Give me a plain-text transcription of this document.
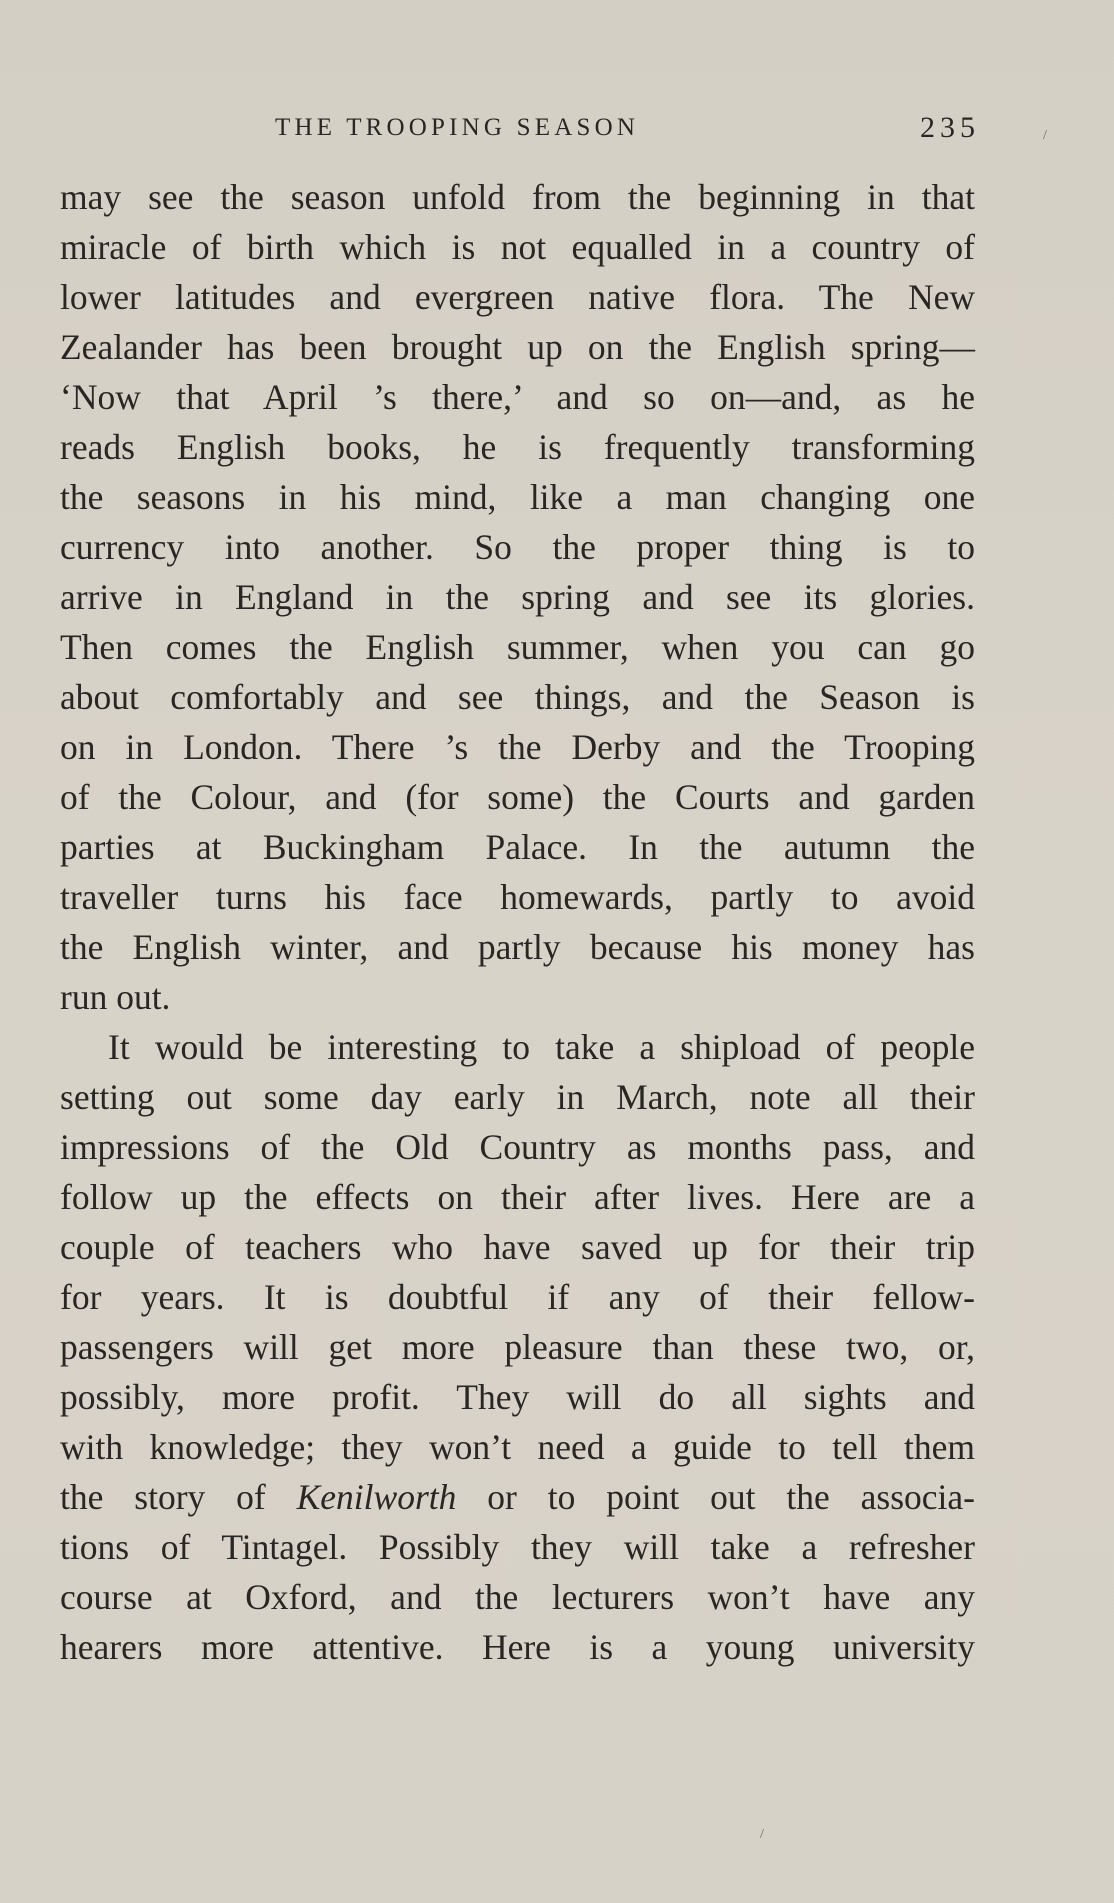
THE TROOPING SEASON	235	/
/
may see the season unfold from the beginning in that
miracle of birth which is not equalled in a country of
lower latitudes and evergreen native flora. The New
Zealander has been brought up on the English spring—
‘Now that April ’s there,’ and so on—and, as he
reads English books, he is frequently transforming
the seasons in his mind, like a man changing one
currency into another. So the proper thing is to
arrive in England in the spring and see its glories.
Then comes the English summer, when you can go
about comfortably and see things, and the Season is
on in London. There ’s the Derby and the Trooping
of the Colour, and (for some) the Courts and garden
parties at Buckingham Palace. In the autumn the
traveller turns his face homewards, partly to avoid
the English winter, and partly because his money has
run out.
It would be interesting to take a shipload of people
setting out some day early in March, note all their
impressions of the Old Country as months pass, and
follow up the effects on their after lives. Here are a
couple of teachers who have saved up for their trip
for years. It is doubtful if any of their fellow-
passengers will get more pleasure than these two, or,
possibly, more profit. They will do all sights and
with knowledge; they won’t need a guide to tell them
the story of Kenilworth or to point out the associa-
tions of Tintagel. Possibly they will take a refresher
course at Oxford, and the lecturers won’t have any
hearers more attentive. Here is a young university
